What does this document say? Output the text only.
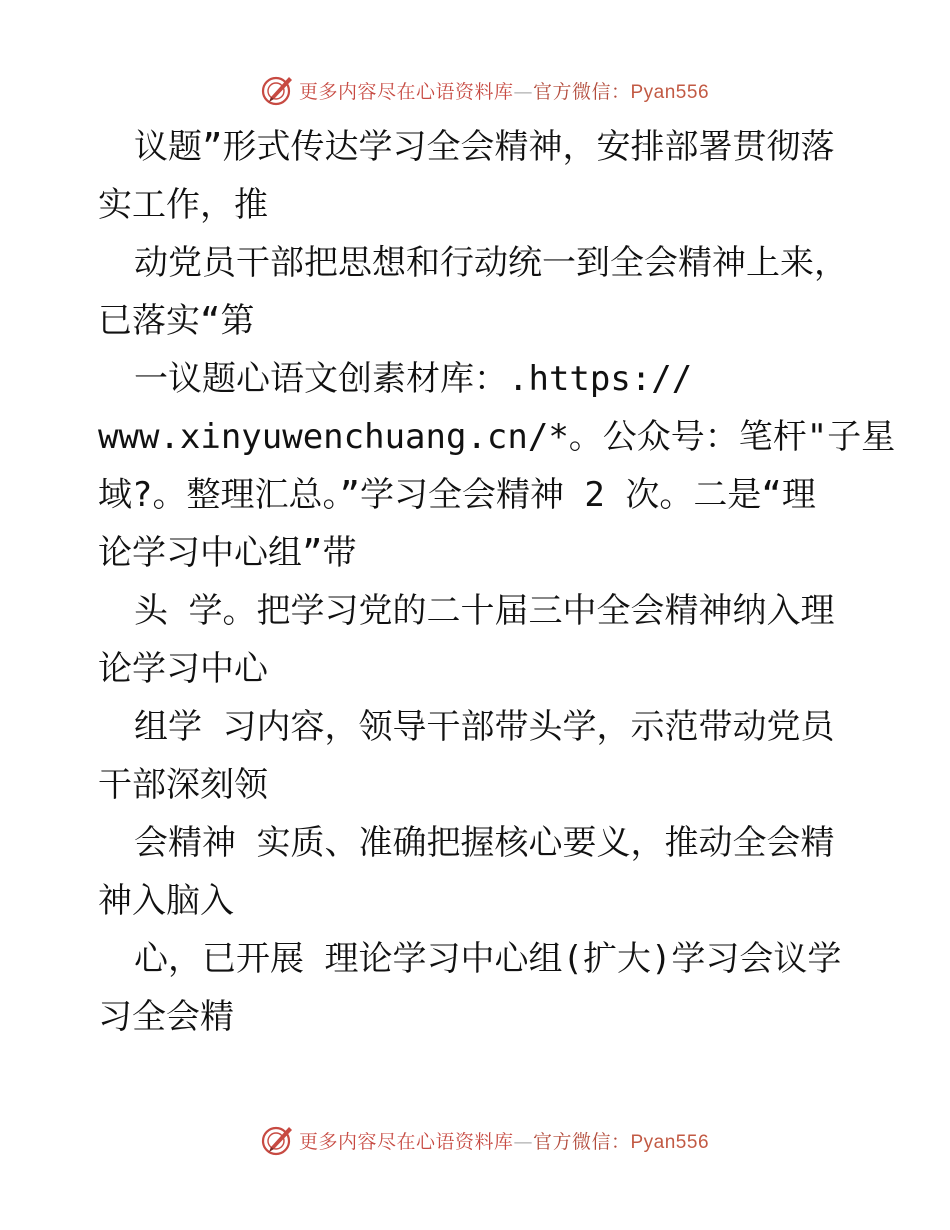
更多内容尽在心语资料库—官方微信：Pyan556
议题”形式传达学习全会精神，安排部署贯彻落
实工作，推
动党员干部把思想和行动统一到全会精神上来，
已落实“第
一议题心语文创素材库：.https://
www.xinyuwenchuang.cn/*。公众号：笔杆"子星
域?。整理汇总。”学习全会精神 2 次。二是“理
论学习中心组”带
头 学。把学习党的二十届三中全会精神纳入理
论学习中心
组学 习内容，领导干部带头学，示范带动党员
干部深刻领
会精神 实质、准确把握核心要义，推动全会精
神入脑入
心，已开展 理论学习中心组(扩大)学习会议学
习全会精
更多内容尽在心语资料库—官方微信：Pyan556
